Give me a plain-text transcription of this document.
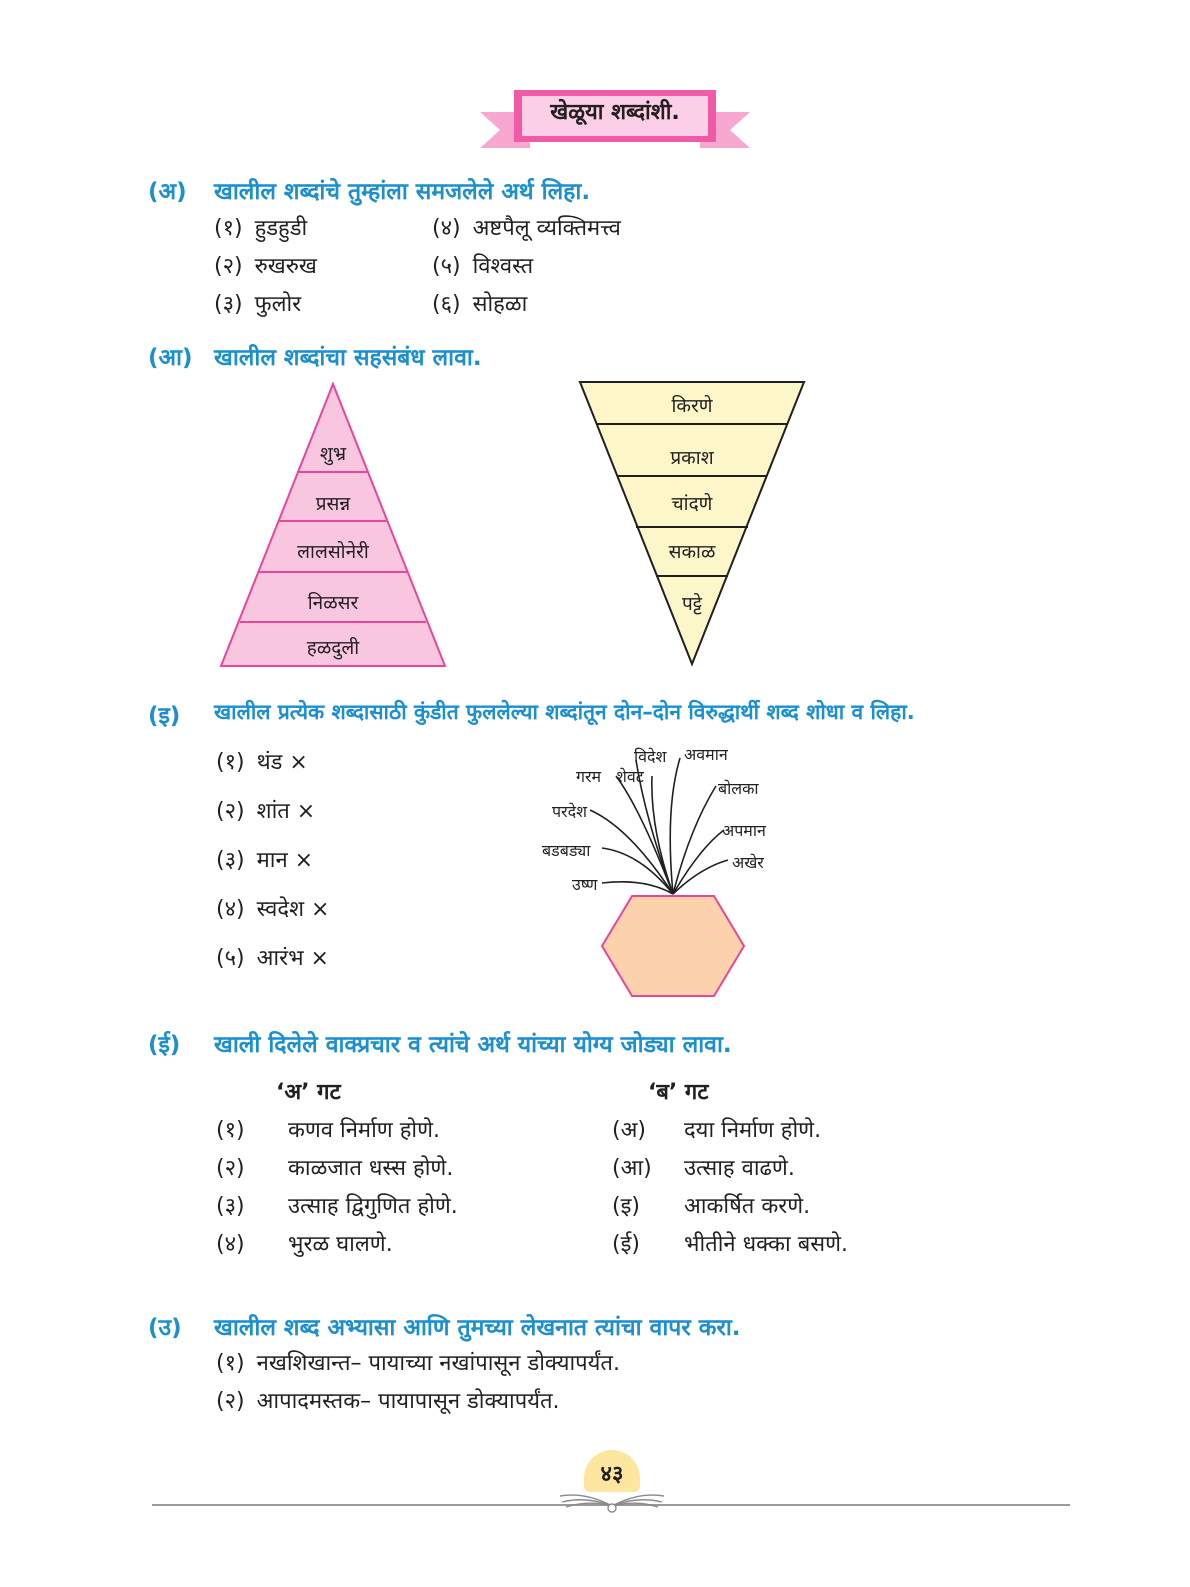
खेळूया शब्दांशी.
(अ) खालील शब्दांचे तुम्हांला समजलेले अर्थ लिहा.
(१) हुडहुडी
(२) रुखरुख
(३) फुलोर
(४) अष्टपैलू व्यक्तिमत्त्व
(५) विश्वस्त
(६) सोहळा
(आ) खालील शब्दांचा सहसंबंध लावा.
शुभ्र
प्रसन्न
लालसोनेरी
निळसर
हळदुली
किरणे
प्रकाश
चांदणे
सकाळ
पट्टे
(इ) खालील प्रत्येक शब्दासाठी कुंडीत फुललेल्या शब्दांतून दोन–दोन विरुद्धार्थी शब्द शोधा व लिहा.
(१) थंड ×
(२) शांत ×
(३) मान ×
(४) स्वदेश ×
(५) आरंभ ×
विदेश अवमान
गरम शेवट
बोलका
परदेश
अपमान
बडबड्या
अखेर
उष्ण
(ई) खाली दिलेले वाक्प्रचार व त्यांचे अर्थ यांच्या योग्य जोड्या लावा.
‘अ’ गट	‘ब’ गट
(१) कणव निर्माण होणे.
(२) काळजात धस्स होणे.
(३) उत्साह द्विगुणित होणे.
(४) भुरळ घालणे.
(अ) दया निर्माण होणे.
(आ) उत्साह वाढणे.
(इ) आकर्षित करणे.
(ई) भीतीने धक्का बसणे.
(उ) खालील शब्द अभ्यासा आणि तुमच्या लेखनात त्यांचा वापर करा.
(१) नखशिखान्त– पायाच्या नखांपासून डोक्यापर्यंत.
(२) आपादमस्तक– पायापासून डोक्यापर्यंत.
४३
